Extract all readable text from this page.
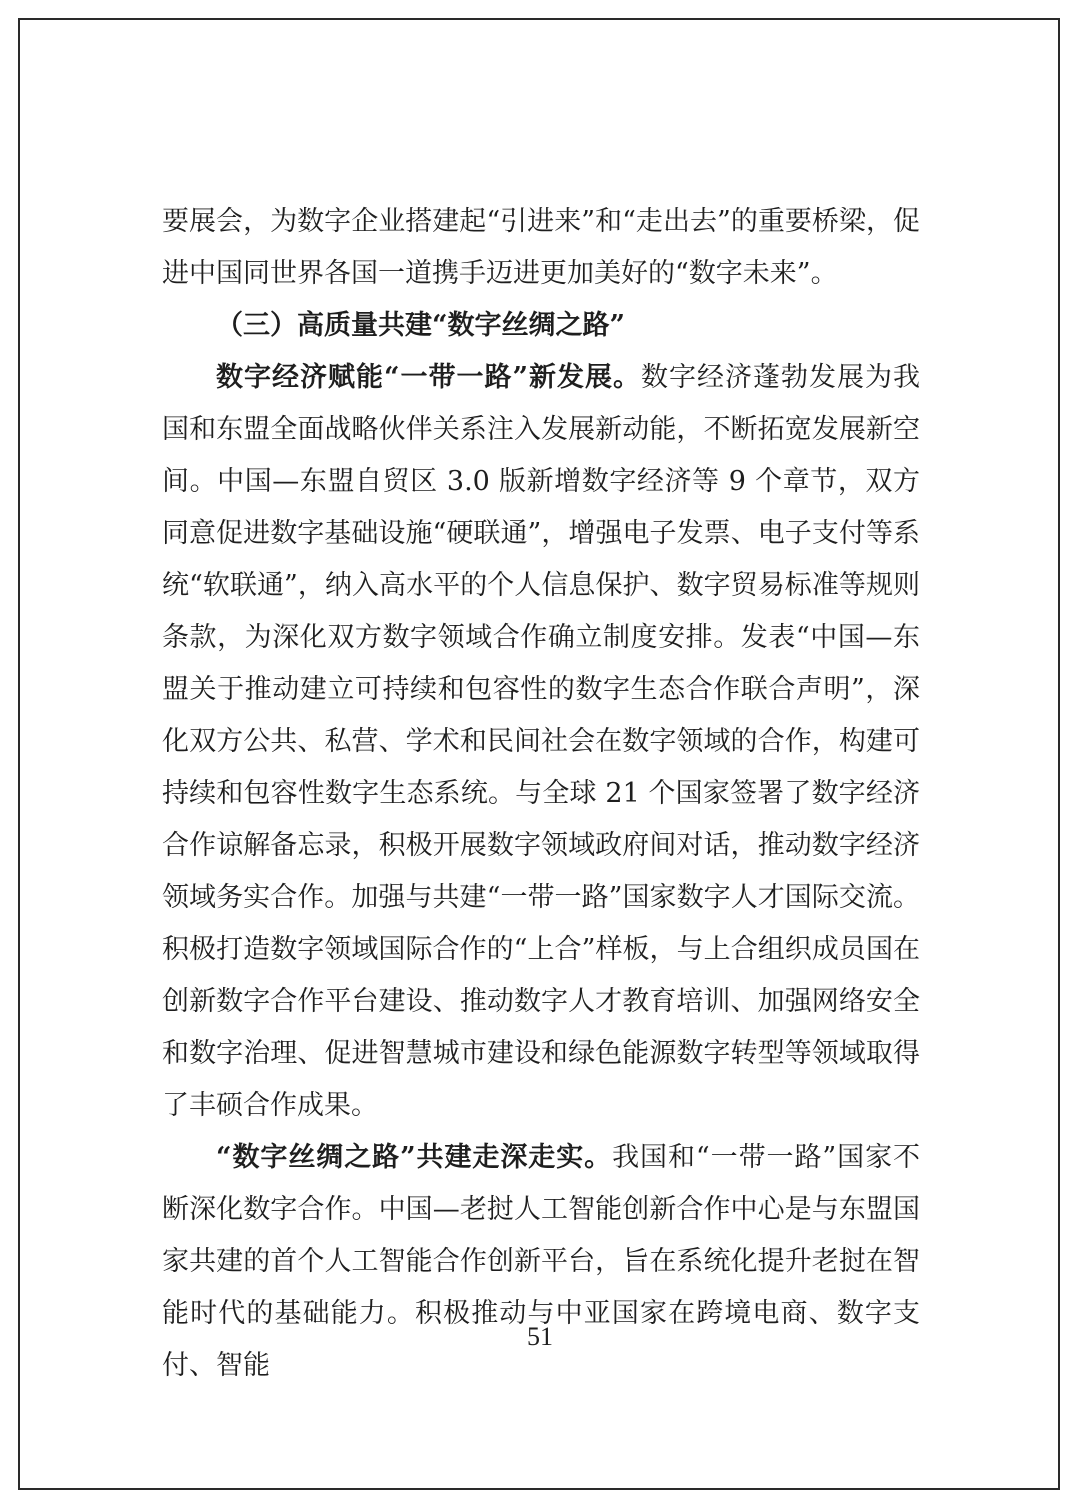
要展会，为数字企业搭建起“引进来”和“走出去”的重要桥梁，促进中国同世界各国一道携手迈进更加美好的“数字未来”。

（三）高质量共建“数字丝绸之路”

数字经济赋能“一带一路”新发展。数字经济蓬勃发展为我国和东盟全面战略伙伴关系注入发展新动能，不断拓宽发展新空间。中国—东盟自贸区 3.0 版新增数字经济等 9 个章节，双方同意促进数字基础设施“硬联通”，增强电子发票、电子支付等系统“软联通”，纳入高水平的个人信息保护、数字贸易标准等规则条款，为深化双方数字领域合作确立制度安排。发表“中国—东盟关于推动建立可持续和包容性的数字生态合作联合声明”，深化双方公共、私营、学术和民间社会在数字领域的合作，构建可持续和包容性数字生态系统。与全球 21 个国家签署了数字经济合作谅解备忘录，积极开展数字领域政府间对话，推动数字经济领域务实合作。加强与共建“一带一路”国家数字人才国际交流。积极打造数字领域国际合作的“上合”样板，与上合组织成员国在创新数字合作平台建设、推动数字人才教育培训、加强网络安全和数字治理、促进智慧城市建设和绿色能源数字转型等领域取得了丰硕合作成果。

“数字丝绸之路”共建走深走实。我国和“一带一路”国家不断深化数字合作。中国—老挝人工智能创新合作中心是与东盟国家共建的首个人工智能合作创新平台，旨在系统化提升老挝在智能时代的基础能力。积极推动与中亚国家在跨境电商、数字支付、智能

51
